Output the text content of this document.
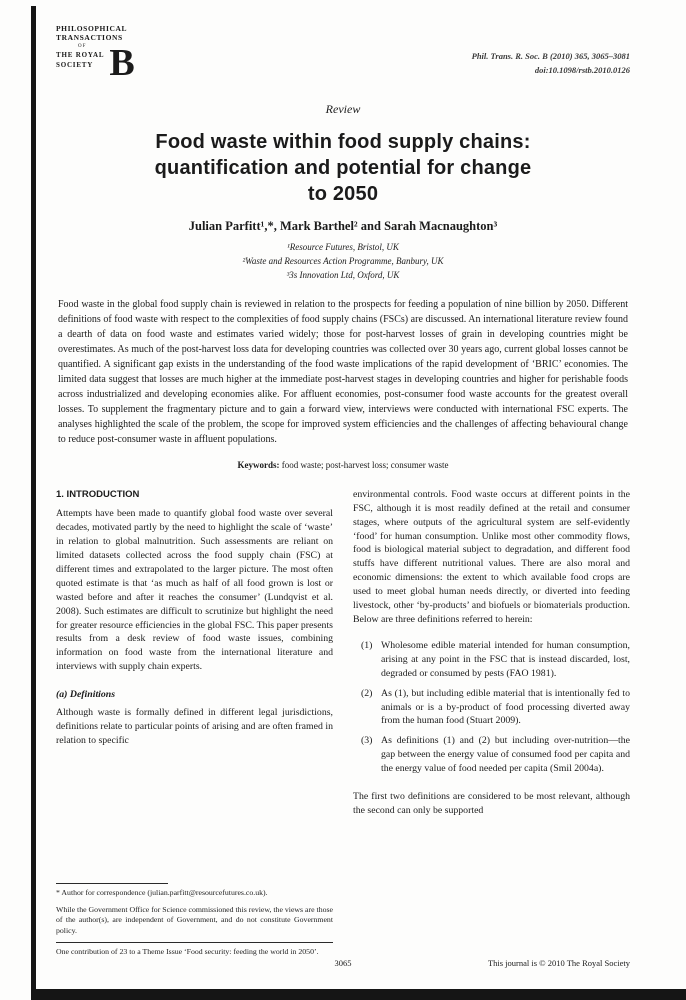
PHILOSOPHICAL
TRANSACTIONS
OF
THE ROYAL
SOCIETY B	Phil. Trans. R. Soc. B (2010) 365, 3065–3081
doi:10.1098/rstb.2010.0126
Review
Food waste within food supply chains:
quantification and potential for change
to 2050
Julian Parfitt¹,*, Mark Barthel² and Sarah Macnaughton³
¹Resource Futures, Bristol, UK
²Waste and Resources Action Programme, Banbury, UK
³3s Innovation Ltd, Oxford, UK

Food waste in the global food supply chain is reviewed in relation to the prospects for feeding a population of nine billion by 2050. Different definitions of food waste with respect to the complexities of food supply chains (FSCs) are discussed. An international literature review found a dearth of data on food waste and estimates varied widely; those for post-harvest losses of grain in developing countries might be overestimates. As much of the post-harvest loss data for developing countries was collected over 30 years ago, current global losses cannot be quantified. A significant gap exists in the understanding of the food waste implications of the rapid development of ‘BRIC’ economies. The limited data suggest that losses are much higher at the immediate post-harvest stages in developing countries and higher for perishable foods across industrialized and developing economies alike. For affluent economies, post-consumer food waste accounts for the greatest overall losses. To supplement the fragmentary picture and to gain a forward view, interviews were conducted with international FSC experts. The analyses highlighted the scale of the problem, the scope for improved system efficiencies and the challenges of affecting behavioural change to reduce post-consumer waste in affluent populations.

Keywords: food waste; post-harvest loss; consumer waste
1. INTRODUCTION

Attempts have been made to quantify global food waste over several decades, motivated partly by the need to highlight the scale of ‘waste’ in relation to global malnutrition. Such assessments are reliant on limited datasets collected across the food supply chain (FSC) at different times and extrapolated to the larger picture. The most often quoted estimate is that ‘as much as half of all food grown is lost or wasted before and after it reaches the consumer’ (Lundqvist et al. 2008). Such estimates are difficult to scrutinize but highlight the need for greater resource efficiencies in the global FSC. This paper presents results from a desk review of food waste issues, combining information on food waste from the international literature and interviews with supply chain experts.

(a) Definitions

Although waste is formally defined in different legal jurisdictions, definitions relate to particular points of arising and are often framed in relation to specific

* Author for correspondence (julian.parfitt@resourcefutures.co.uk).

While the Government Office for Science commissioned this review, the views are those of the author(s), are independent of Government, and do not constitute Government policy.

One contribution of 23 to a Theme Issue ‘Food security: feeding the world in 2050’.

environmental controls. Food waste occurs at different points in the FSC, although it is most readily defined at the retail and consumer stages, where outputs of the agricultural system are self-evidently ‘food’ for human consumption. Unlike most other commodity flows, food is biological material subject to degradation, and different food stuffs have different nutritional values. There are also moral and economic dimensions: the extent to which available food crops are used to meet global human needs directly, or diverted into feeding livestock, other ‘by-products’ and biofuels or biomaterials production. Below are three definitions referred to herein:

(1) Wholesome edible material intended for human consumption, arising at any point in the FSC that is instead discarded, lost, degraded or consumed by pests (FAO 1981).
(2) As (1), but including edible material that is intentionally fed to animals or is a by-product of food processing diverted away from the human food (Stuart 2009).
(3) As definitions (1) and (2) but including over-nutrition—the gap between the energy value of consumed food per capita and the energy value of food needed per capita (Smil 2004a).

The first two definitions are considered to be most relevant, although the second can only be supported

3065	This journal is © 2010 The Royal Society
